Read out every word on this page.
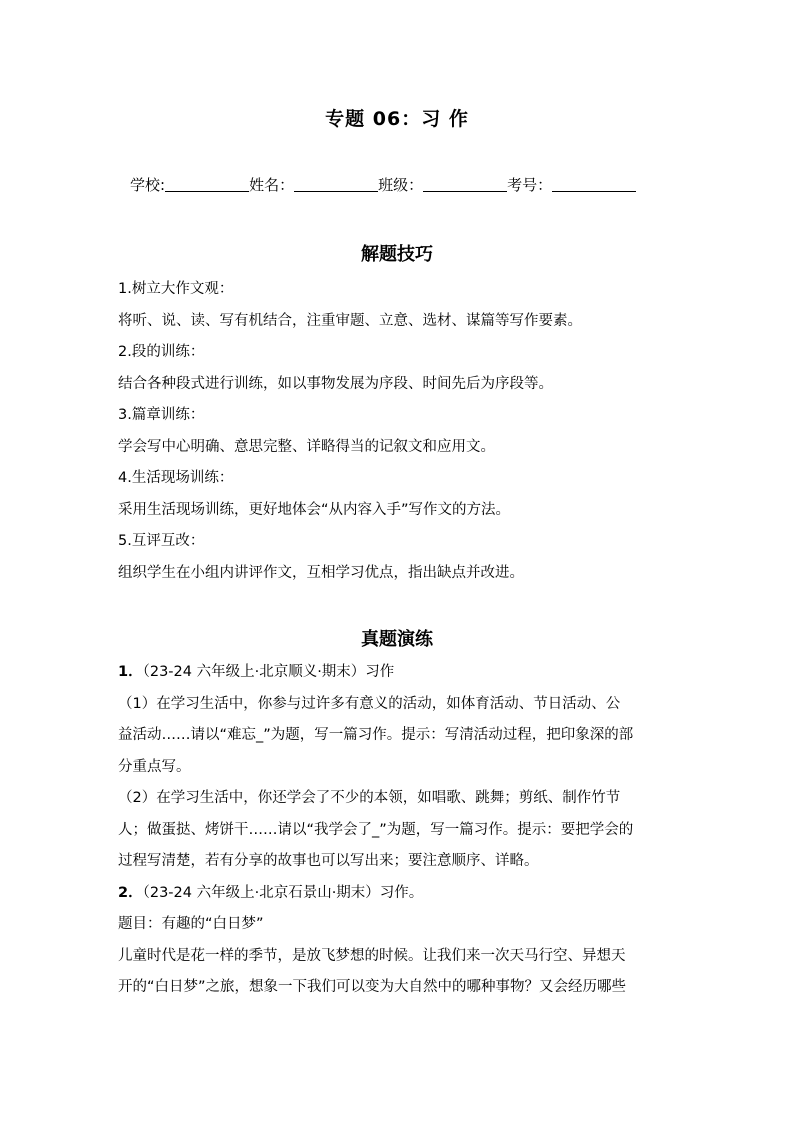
专题 06：习 作
学校:	姓名：	班级：	考号：
解题技巧

1.树立大作文观：

将听、说、读、写有机结合，注重审题、立意、选材、谋篇等写作要素。

2.段的训练：

结合各种段式进行训练，如以事物发展为序段、时间先后为序段等。

3.篇章训练：

学会写中心明确、意思完整、详略得当的记叙文和应用文。

4.生活现场训练：

采用生活现场训练，更好地体会“从内容入手”写作文的方法。

5.互评互改：

组织学生在小组内讲评作文，互相学习优点，指出缺点并改进。

真题演练

1．（23-24 六年级上·北京顺义·期末）习作

（1）在学习生活中，你参与过许多有意义的活动，如体育活动、节日活动、公

益活动……请以“难忘_”为题，写一篇习作。提示：写清活动过程，把印象深的部

分重点写。

（2）在学习生活中，你还学会了不少的本领，如唱歌、跳舞；剪纸、制作竹节

人；做蛋挞、烤饼干……请以“我学会了_”为题，写一篇习作。提示：要把学会的

过程写清楚，若有分享的故事也可以写出来；要注意顺序、详略。

2．（23-24 六年级上·北京石景山·期末）习作。

题目：有趣的“白日梦”

儿童时代是花一样的季节，是放飞梦想的时候。让我们来一次天马行空、异想天

开的“白日梦”之旅，想象一下我们可以变为大自然中的哪种事物？又会经历哪些
